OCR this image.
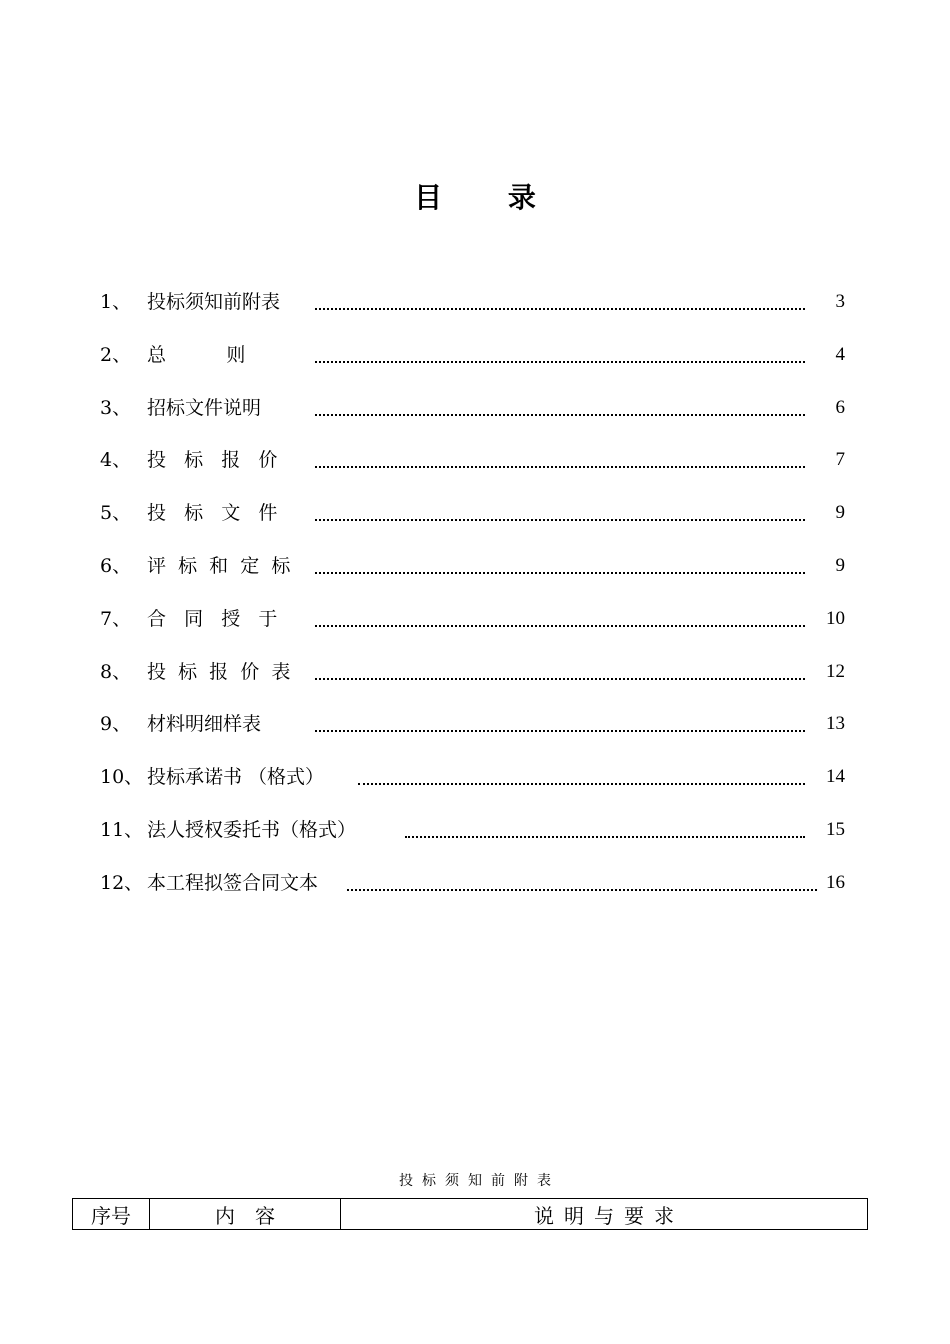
目 录
1、 投标须知前附表	3
2、 总          则	4
3、 招标文件说明	6
4、 投   标   报   价	7
5、 投   标   文   件	9
6、 评  标  和  定  标	9
7、 合   同   授   于	10
8、 投  标  报  价  表	12
9、 材料明细样表	13
10、 投标承诺书 （格式）	14
11、 法人授权委托书（格式）	15
12、 本工程拟签合同文本	16
投标须知前附表
序号	内容	说明与要求
